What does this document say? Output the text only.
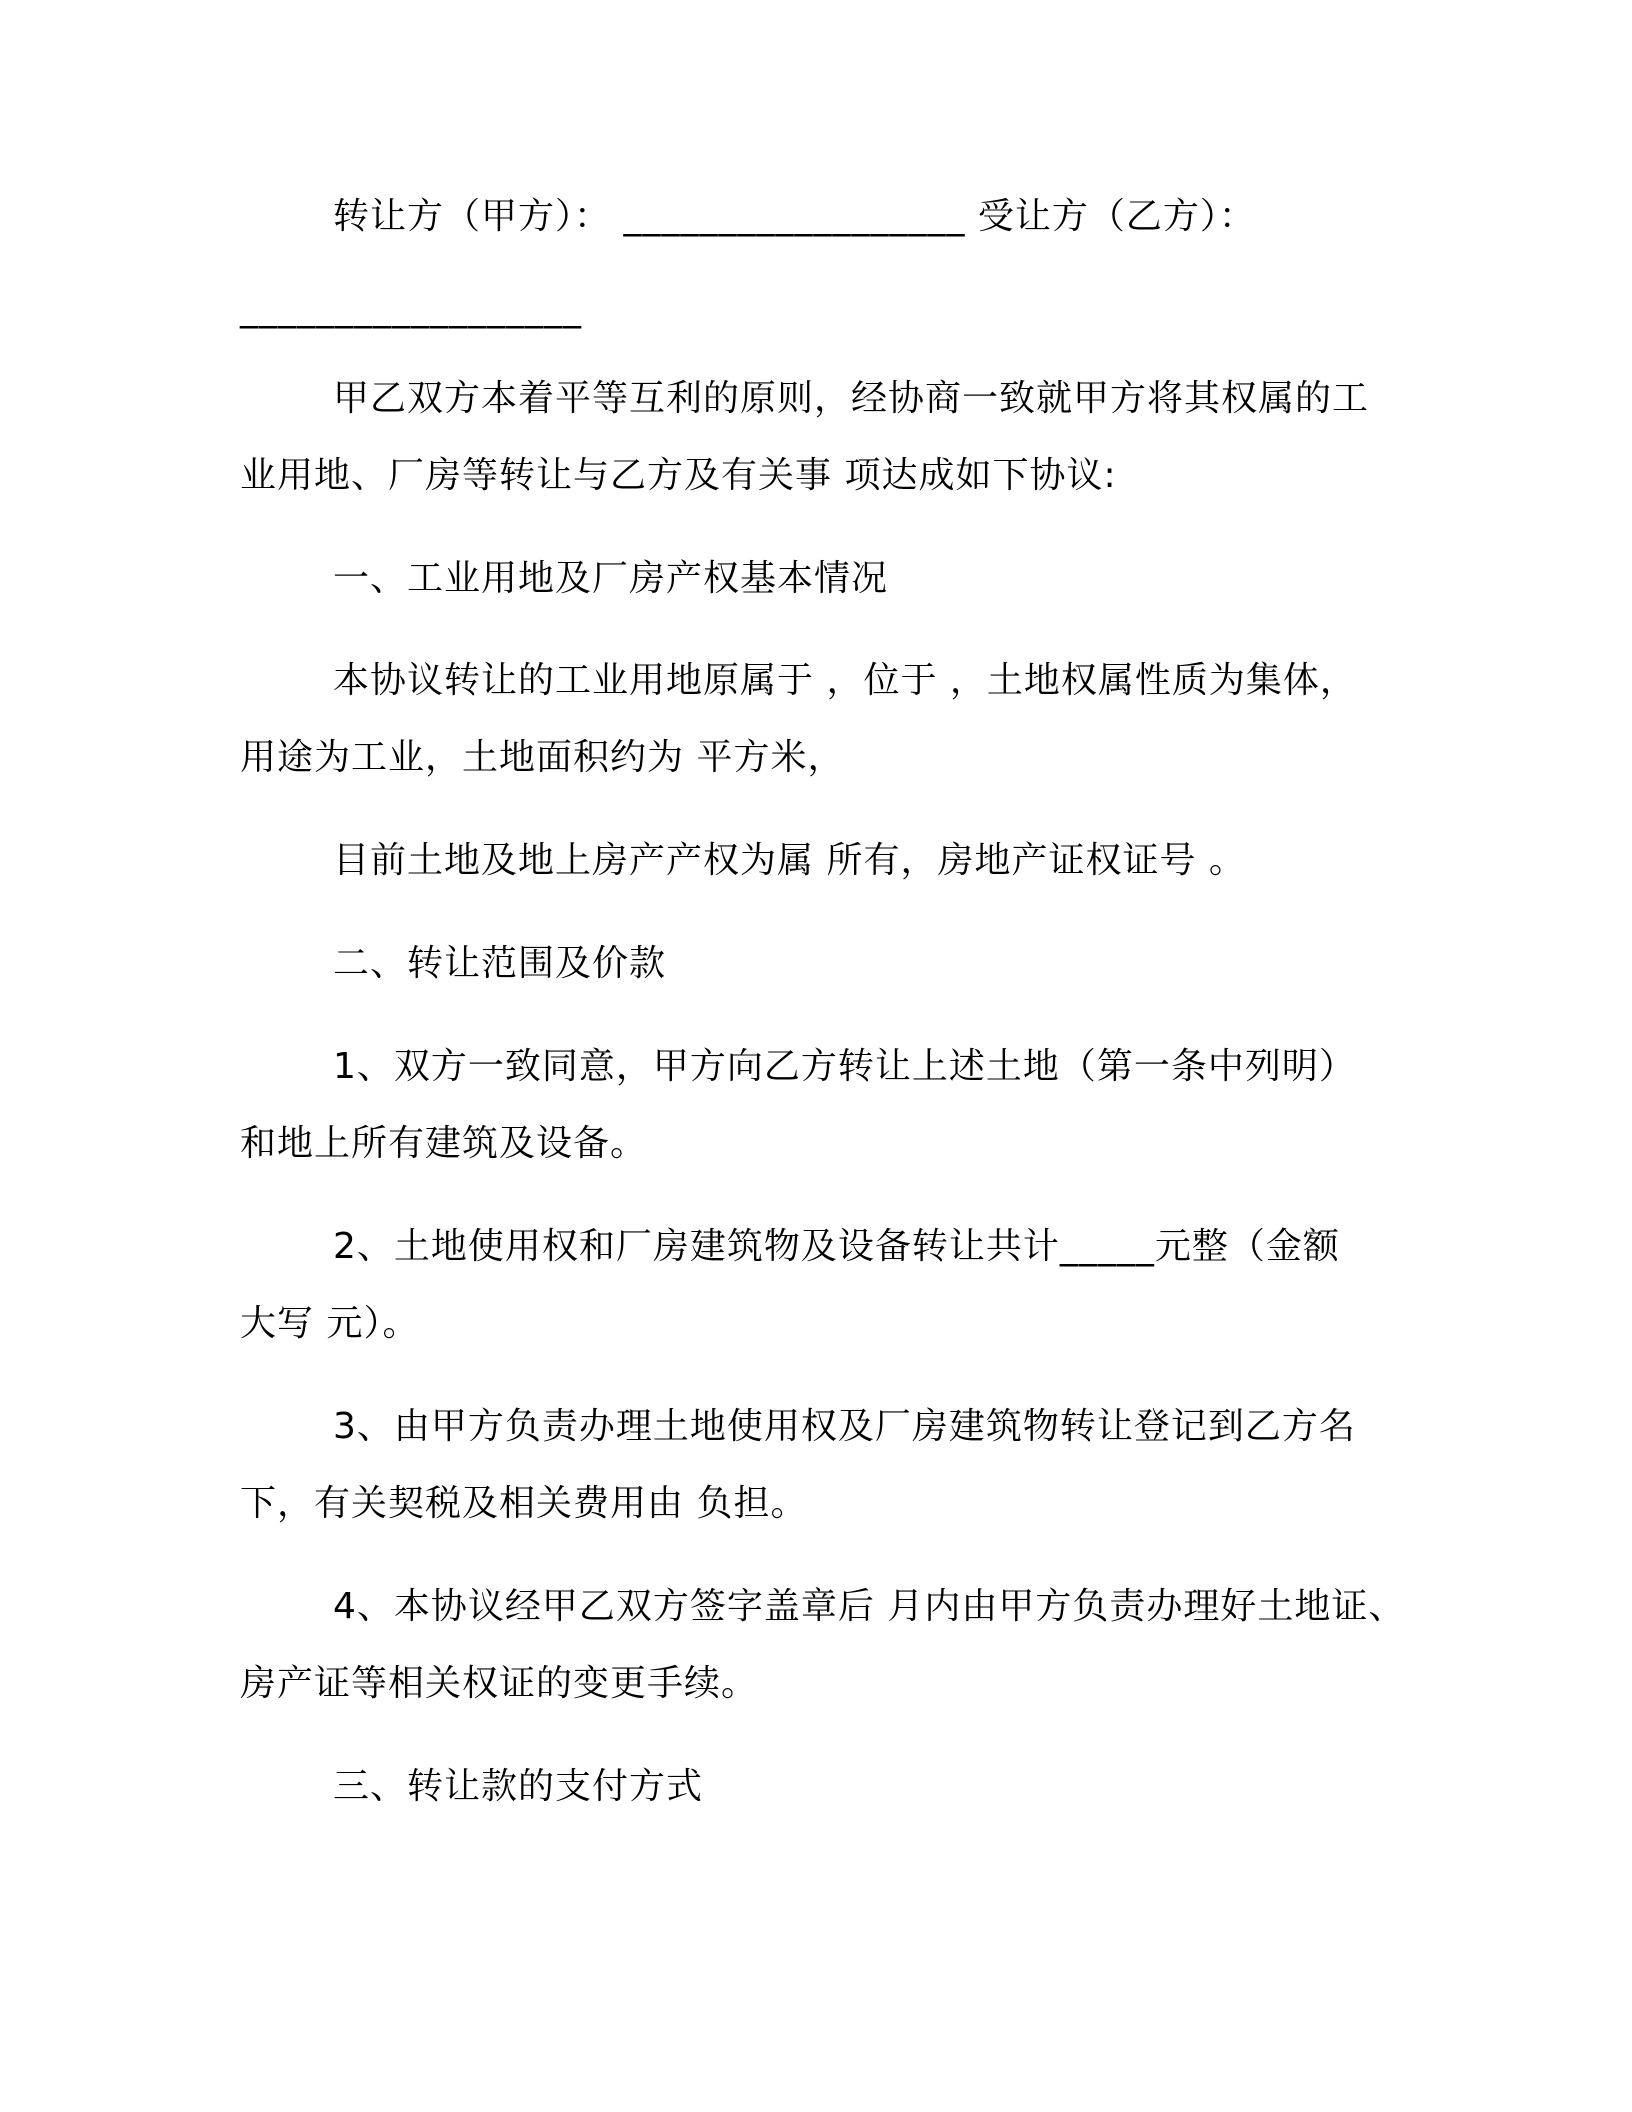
转让方（甲方）： __________________ 受让方（乙方）：
__________________
甲乙双方本着平等互利的原则，经协商一致就甲方将其权属的工
业用地、厂房等转让与乙方及有关事 项达成如下协议:
一、工业用地及厂房产权基本情况
本协议转让的工业用地原属于 ，位于 ，土地权属性质为集体，
用途为工业，土地面积约为 平方米，
目前土地及地上房产产权为属 所有，房地产证权证号 。
二、转让范围及价款
1、双方一致同意，甲方向乙方转让上述土地（第一条中列明）
和地上所有建筑及设备。
2、土地使用权和厂房建筑物及设备转让共计_____元整（金额
大写 元）。
3、由甲方负责办理土地使用权及厂房建筑物转让登记到乙方名
下，有关契税及相关费用由 负担。
4、本协议经甲乙双方签字盖章后 月内由甲方负责办理好土地证、
房产证等相关权证的变更手续。
三、转让款的支付方式
